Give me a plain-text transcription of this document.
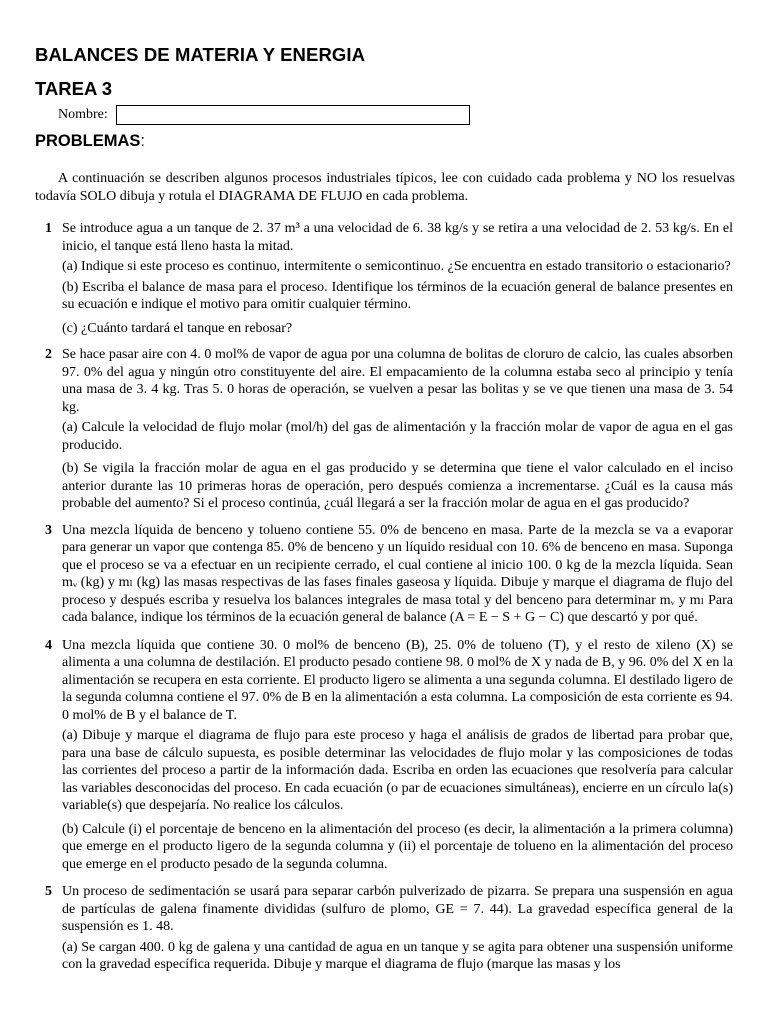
BALANCES DE MATERIA Y ENERGIA
TAREA 3
Nombre:
PROBLEMAS:
A continuación se describen algunos procesos industriales típicos, lee con cuidado cada problema y NO los resuelvas todavía SOLO dibuja y rotula el DIAGRAMA DE FLUJO en cada problema.
1 Se introduce agua a un tanque de 2. 37 m³ a una velocidad de 6. 38 kg/s y se retira a una velocidad de 2. 53 kg/s. En el inicio, el tanque está lleno hasta la mitad.

(a) Indique si este proceso es continuo, intermitente o semicontinuo. ¿Se encuentra en estado transitorio o estacionario?

(b) Escriba el balance de masa para el proceso. Identifique los términos de la ecuación general de balance presentes en su ecuación e indique el motivo para omitir cualquier término.

(c) ¿Cuánto tardará el tanque en rebosar?

2 Se hace pasar aire con 4. 0 mol% de vapor de agua por una columna de bolitas de cloruro de calcio, las cuales absorben 97. 0% del agua y ningún otro constituyente del aire. El empacamiento de la columna estaba seco al principio y tenía una masa de 3. 4 kg. Tras 5. 0 horas de operación, se vuelven a pesar las bolitas y se ve que tienen una masa de 3. 54 kg.

(a) Calcule la velocidad de flujo molar (mol/h) del gas de alimentación y la fracción molar de vapor de agua en el gas producido.

(b) Se vigila la fracción molar de agua en el gas producido y se determina que tiene el valor calculado en el inciso anterior durante las 10 primeras horas de operación, pero después comienza a incrementarse. ¿Cuál es la causa más probable del aumento? Si el proceso continúa, ¿cuál llegará a ser la fracción molar de agua en el gas producido?

3 Una mezcla líquida de benceno y tolueno contiene 55. 0% de benceno en masa. Parte de la mezcla se va a evaporar para generar un vapor que contenga 85. 0% de benceno y un líquido residual con 10. 6% de benceno en masa. Suponga que el proceso se va a efectuar en un recipiente cerrado, el cual contiene al inicio 100. 0 kg de la mezcla líquida. Sean mᵥ (kg) y mₗ (kg) las masas respectivas de las fases finales gaseosa y líquida. Dibuje y marque el diagrama de flujo del proceso y después escriba y resuelva los balances integrales de masa total y del benceno para determinar mᵥ y mₗ Para cada balance, indique los términos de la ecuación general de balance (A = E − S + G − C) que descartó y por qué.

4 Una mezcla líquida que contiene 30. 0 mol% de benceno (B), 25. 0% de tolueno (T), y el resto de xileno (X) se alimenta a una columna de destilación. El producto pesado contiene 98. 0 mol% de X y nada de B, y 96. 0% del X en la alimentación se recupera en esta corriente. El producto ligero se alimenta a una segunda columna. El destilado ligero de la segunda columna contiene el 97. 0% de B en la alimentación a esta columna. La composición de esta corriente es 94. 0 mol% de B y el balance de T.

(a) Dibuje y marque el diagrama de flujo para este proceso y haga el análisis de grados de libertad para probar que, para una base de cálculo supuesta, es posible determinar las velocidades de flujo molar y las composiciones de todas las corrientes del proceso a partir de la información dada. Escriba en orden las ecuaciones que resolvería para calcular las variables desconocidas del proceso. En cada ecuación (o par de ecuaciones simultáneas), encierre en un círculo la(s) variable(s) que despejaría. No realice los cálculos.

(b) Calcule (i) el porcentaje de benceno en la alimentación del proceso (es decir, la alimentación a la primera columna) que emerge en el producto ligero de la segunda columna y (ii) el porcentaje de tolueno en la alimentación del proceso que emerge en el producto pesado de la segunda columna.

5 Un proceso de sedimentación se usará para separar carbón pulverizado de pizarra. Se prepara una suspensión en agua de partículas de galena finamente divididas (sulfuro de plomo, GE = 7. 44). La gravedad específica general de la suspensión es 1. 48.

(a) Se cargan 400. 0 kg de galena y una cantidad de agua en un tanque y se agita para obtener una suspensión uniforme con la gravedad específica requerida. Dibuje y marque el diagrama de flujo (marque las masas y los
